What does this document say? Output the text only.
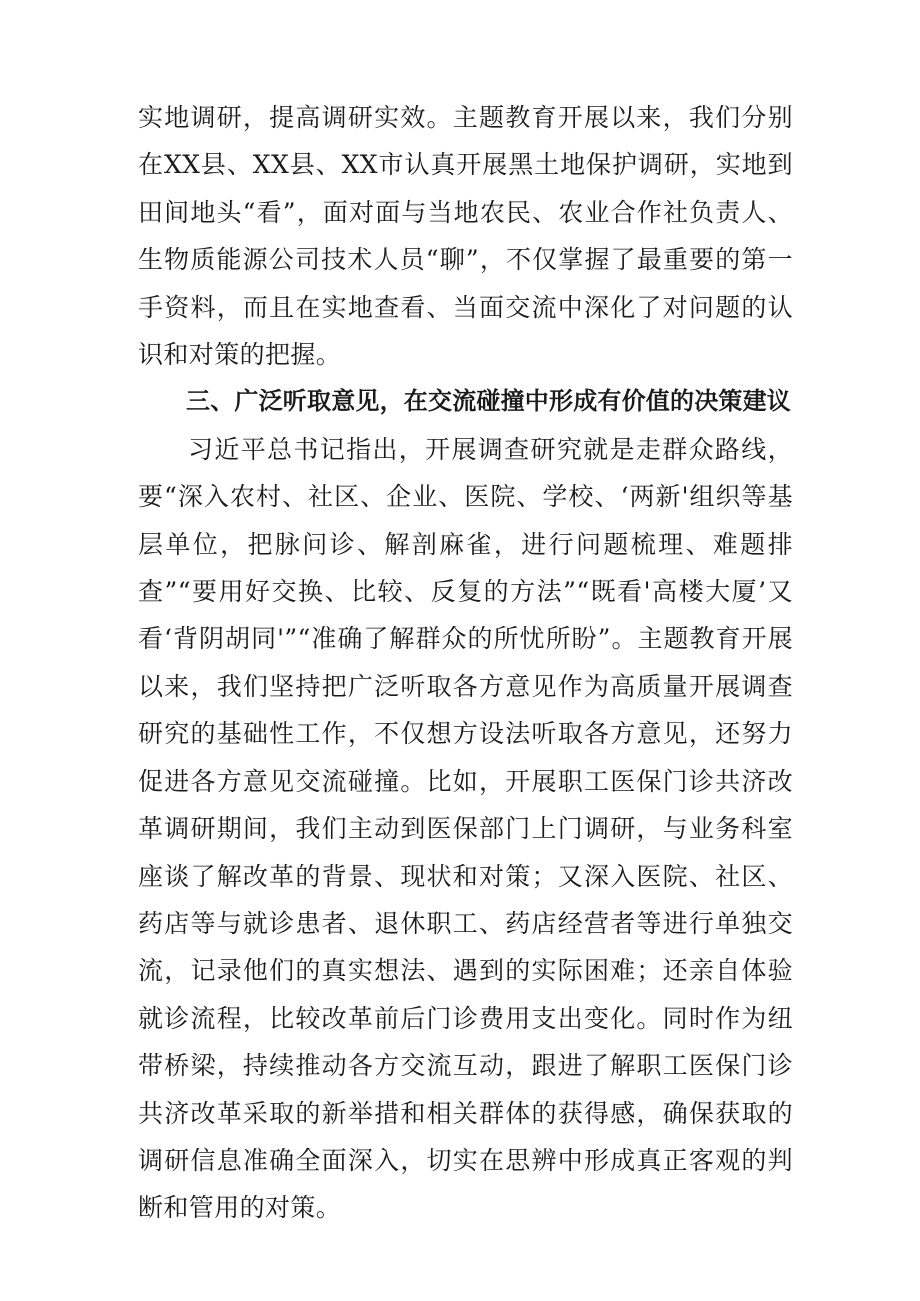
实地调研，提高调研实效。主题教育开展以来，我们分别在XX县、XX县、XX市认真开展黑土地保护调研，实地到田间地头“看”，面对面与当地农民、农业合作社负责人、生物质能源公司技术人员“聊”，不仅掌握了最重要的第一手资料，而且在实地查看、当面交流中深化了对问题的认识和对策的把握。

三、广泛听取意见，在交流碰撞中形成有价值的决策建议

习近平总书记指出，开展调查研究就是走群众路线，要“深入农村、社区、企业、医院、学校、‘两新'组织等基层单位，把脉问诊、解剖麻雀，进行问题梳理、难题排查”“要用好交换、比较、反复的方法”“既看'高楼大厦’又看‘背阴胡同'”“准确了解群众的所忧所盼”。主题教育开展以来，我们坚持把广泛听取各方意见作为高质量开展调查研究的基础性工作，不仅想方设法听取各方意见，还努力促进各方意见交流碰撞。比如，开展职工医保门诊共济改革调研期间，我们主动到医保部门上门调研，与业务科室座谈了解改革的背景、现状和对策；又深入医院、社区、药店等与就诊患者、退休职工、药店经营者等进行单独交流，记录他们的真实想法、遇到的实际困难；还亲自体验就诊流程，比较改革前后门诊费用支出变化。同时作为纽带桥梁，持续推动各方交流互动，跟进了解职工医保门诊共济改革采取的新举措和相关群体的获得感，确保获取的调研信息准确全面深入，切实在思辨中形成真正客观的判断和管用的对策。
